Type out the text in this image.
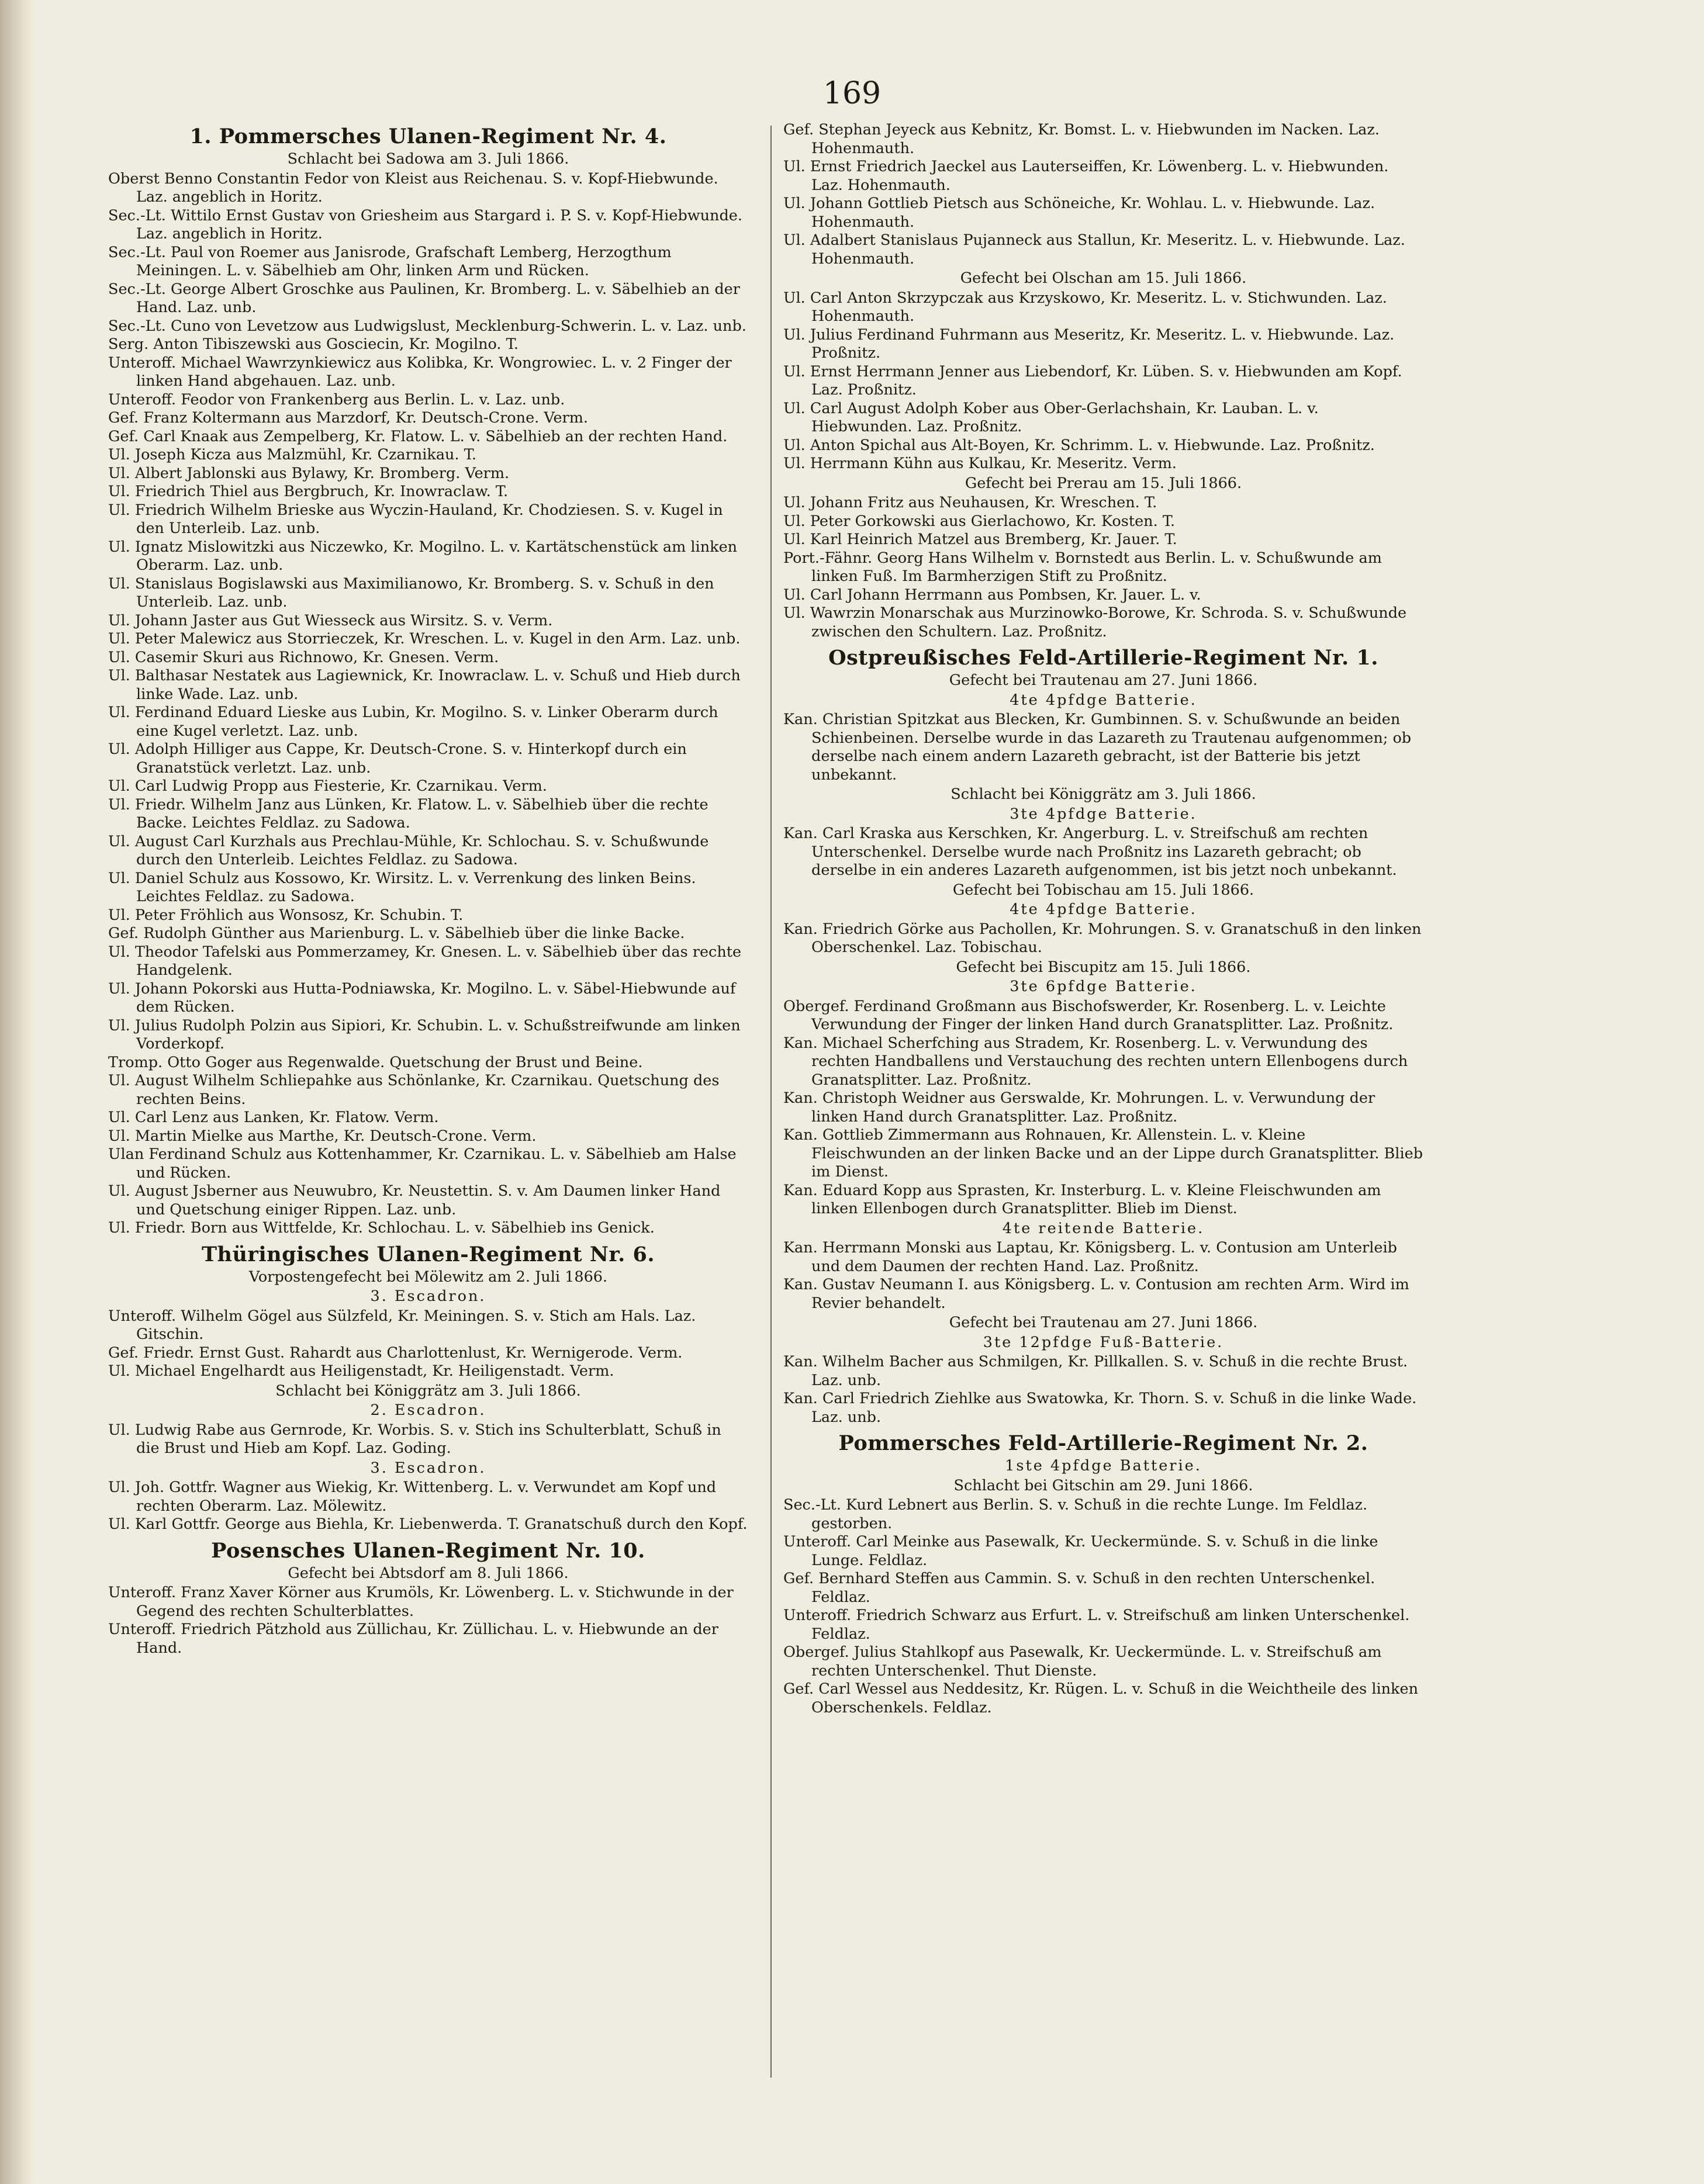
169
1. Pommersches Ulanen-Regiment Nr. 4.
Schlacht bei Sadowa am 3. Juli 1866.
Oberst Benno Constantin Fedor von Kleist aus Reichenau. S. v. Kopf-Hiebwunde. Laz. angeblich in Horitz.
Sec.-Lt. Wittilo Ernst Gustav von Griesheim aus Stargard i. P. S. v. Kopf-Hiebwunde. Laz. angeblich in Horitz.
Sec.-Lt. Paul von Roemer aus Janisrode, Grafschaft Lemberg, Herzogthum Meiningen. L. v. Säbelhieb am Ohr, linken Arm und Rücken.
Sec.-Lt. George Albert Groschke aus Paulinen, Kr. Bromberg. L. v. Säbelhieb an der Hand. Laz. unb.
Sec.-Lt. Cuno von Levetzow aus Ludwigslust, Mecklenburg-Schwerin. L. v. Laz. unb.
Serg. Anton Tibiszewski aus Gosciecin, Kr. Mogilno. T.
Unteroff. Michael Wawrzynkiewicz aus Kolibka, Kr. Wongrowiec. L. v. 2 Finger der linken Hand abgehauen. Laz. unb.
Unteroff. Feodor von Frankenberg aus Berlin. L. v. Laz. unb.
Gef. Franz Koltermann aus Marzdorf, Kr. Deutsch-Crone. Verm.
Gef. Carl Knaak aus Zempelberg, Kr. Flatow. L. v. Säbelhieb an der rechten Hand.
Ul. Joseph Kicza aus Malzmühl, Kr. Czarnikau. T.
Ul. Albert Jablonski aus Bylawy, Kr. Bromberg. Verm.
Ul. Friedrich Thiel aus Bergbruch, Kr. Inowraclaw. T.
Ul. Friedrich Wilhelm Brieske aus Wyczin-Hauland, Kr. Chodziesen. S. v. Kugel in den Unterleib. Laz. unb.
Ul. Ignatz Mislowitzki aus Niczewko, Kr. Mogilno. L. v. Kartätschenstück am linken Oberarm. Laz. unb.
Ul. Stanislaus Bogislawski aus Maximilianowo, Kr. Bromberg. S. v. Schuß in den Unterleib. Laz. unb.
Ul. Johann Jaster aus Gut Wiesseck aus Wirsitz. S. v. Verm.
Ul. Peter Malewicz aus Storrieczek, Kr. Wreschen. L. v. Kugel in den Arm. Laz. unb.
Ul. Casemir Skuri aus Richnowo, Kr. Gnesen. Verm.
Ul. Balthasar Nestatek aus Lagiewnick, Kr. Inowraclaw. L. v. Schuß und Hieb durch linke Wade. Laz. unb.
Ul. Ferdinand Eduard Lieske aus Lubin, Kr. Mogilno. S. v. Linker Oberarm durch eine Kugel verletzt. Laz. unb.
Ul. Adolph Hilliger aus Cappe, Kr. Deutsch-Crone. S. v. Hinterkopf durch ein Granatstück verletzt. Laz. unb.
Ul. Carl Ludwig Propp aus Fiesterie, Kr. Czarnikau. Verm.
Ul. Friedr. Wilhelm Janz aus Lünken, Kr. Flatow. L. v. Säbelhieb über die rechte Backe. Leichtes Feldlaz. zu Sadowa.
Ul. August Carl Kurzhals aus Prechlau-Mühle, Kr. Schlochau. S. v. Schußwunde durch den Unterleib. Leichtes Feldlaz. zu Sadowa.
Ul. Daniel Schulz aus Kossowo, Kr. Wirsitz. L. v. Verrenkung des linken Beins. Leichtes Feldlaz. zu Sadowa.
Ul. Peter Fröhlich aus Wonsosz, Kr. Schubin. T.
Gef. Rudolph Günther aus Marienburg. L. v. Säbelhieb über die linke Backe.
Ul. Theodor Tafelski aus Pommerzamey, Kr. Gnesen. L. v. Säbelhieb über das rechte Handgelenk.
Ul. Johann Pokorski aus Hutta-Podniawska, Kr. Mogilno. L. v. Säbel-Hiebwunde auf dem Rücken.
Ul. Julius Rudolph Polzin aus Sipiori, Kr. Schubin. L. v. Schußstreifwunde am linken Vorderkopf.
Tromp. Otto Goger aus Regenwalde. Quetschung der Brust und Beine.
Ul. August Wilhelm Schliepahke aus Schönlanke, Kr. Czarnikau. Quetschung des rechten Beins.
Ul. Carl Lenz aus Lanken, Kr. Flatow. Verm.
Ul. Martin Mielke aus Marthe, Kr. Deutsch-Crone. Verm.
Ulan Ferdinand Schulz aus Kottenhammer, Kr. Czarnikau. L. v. Säbelhieb am Halse und Rücken.
Ul. August Jsberner aus Neuwubro, Kr. Neustettin. S. v. Am Daumen linker Hand und Quetschung einiger Rippen. Laz. unb.
Ul. Friedr. Born aus Wittfelde, Kr. Schlochau. L. v. Säbelhieb ins Genick.
Thüringisches Ulanen-Regiment Nr. 6.
Vorpostengefecht bei Mölewitz am 2. Juli 1866.
3. Escadron.
Unteroff. Wilhelm Gögel aus Sülzfeld, Kr. Meiningen. S. v. Stich am Hals. Laz. Gitschin.
Gef. Friedr. Ernst Gust. Rahardt aus Charlottenlust, Kr. Wernigerode. Verm.
Ul. Michael Engelhardt aus Heiligenstadt, Kr. Heiligenstadt. Verm.
Schlacht bei Königgrätz am 3. Juli 1866.
2. Escadron.
Ul. Ludwig Rabe aus Gernrode, Kr. Worbis. S. v. Stich ins Schulterblatt, Schuß in die Brust und Hieb am Kopf. Laz. Goding.
3. Escadron.
Ul. Joh. Gottfr. Wagner aus Wiekig, Kr. Wittenberg. L. v. Verwundet am Kopf und rechten Oberarm. Laz. Mölewitz.
Ul. Karl Gottfr. George aus Biehla, Kr. Liebenwerda. T. Granatschuß durch den Kopf.
Posensches Ulanen-Regiment Nr. 10.
Gefecht bei Abtsdorf am 8. Juli 1866.
Unteroff. Franz Xaver Körner aus Krumöls, Kr. Löwenberg. L. v. Stichwunde in der Gegend des rechten Schulterblattes.
Unteroff. Friedrich Pätzhold aus Züllichau, Kr. Züllichau. L. v. Hiebwunde an der Hand.
Gef. Stephan Jeyeck aus Kebnitz, Kr. Bomst. L. v. Hiebwunden im Nacken. Laz. Hohenmauth.
Ul. Ernst Friedrich Jaeckel aus Lauterseiffen, Kr. Löwenberg. L. v. Hiebwunden. Laz. Hohenmauth.
Ul. Johann Gottlieb Pietsch aus Schöneiche, Kr. Wohlau. L. v. Hiebwunde. Laz. Hohenmauth.
Ul. Adalbert Stanislaus Pujanneck aus Stallun, Kr. Meseritz. L. v. Hiebwunde. Laz. Hohenmauth.
Gefecht bei Olschan am 15. Juli 1866.
Ul. Carl Anton Skrzypczak aus Krzyskowo, Kr. Meseritz. L. v. Stichwunden. Laz. Hohenmauth.
Ul. Julius Ferdinand Fuhrmann aus Meseritz, Kr. Meseritz. L. v. Hiebwunde. Laz. Proßnitz.
Ul. Ernst Herrmann Jenner aus Liebendorf, Kr. Lüben. S. v. Hiebwunden am Kopf. Laz. Proßnitz.
Ul. Carl August Adolph Kober aus Ober-Gerlachshain, Kr. Lauban. L. v. Hiebwunden. Laz. Proßnitz.
Ul. Anton Spichal aus Alt-Boyen, Kr. Schrimm. L. v. Hiebwunde. Laz. Proßnitz.
Ul. Herrmann Kühn aus Kulkau, Kr. Meseritz. Verm.
Gefecht bei Prerau am 15. Juli 1866.
Ul. Johann Fritz aus Neuhausen, Kr. Wreschen. T.
Ul. Peter Gorkowski aus Gierlachowo, Kr. Kosten. T.
Ul. Karl Heinrich Matzel aus Bremberg, Kr. Jauer. T.
Port.-Fähnr. Georg Hans Wilhelm v. Bornstedt aus Berlin. L. v. Schußwunde am linken Fuß. Im Barmherzigen Stift zu Proßnitz.
Ul. Carl Johann Herrmann aus Pombsen, Kr. Jauer. L. v.
Ul. Wawrzin Monarschak aus Murzinowko-Borowe, Kr. Schroda. S. v. Schußwunde zwischen den Schultern. Laz. Proßnitz.
Ostpreußisches Feld-Artillerie-Regiment Nr. 1.
Gefecht bei Trautenau am 27. Juni 1866.
4te 4pfdge Batterie.
Kan. Christian Spitzkat aus Blecken, Kr. Gumbinnen. S. v. Schußwunde an beiden Schienbeinen. Derselbe wurde in das Lazareth zu Trautenau aufgenommen; ob derselbe nach einem andern Lazareth gebracht, ist der Batterie bis jetzt unbekannt.
Schlacht bei Königgrätz am 3. Juli 1866.
3te 4pfdge Batterie.
Kan. Carl Kraska aus Kerschken, Kr. Angerburg. L. v. Streifschuß am rechten Unterschenkel. Derselbe wurde nach Proßnitz ins Lazareth gebracht; ob derselbe in ein anderes Lazareth aufgenommen, ist bis jetzt noch unbekannt.
Gefecht bei Tobischau am 15. Juli 1866.
4te 4pfdge Batterie.
Kan. Friedrich Görke aus Pachollen, Kr. Mohrungen. S. v. Granatschuß in den linken Oberschenkel. Laz. Tobischau.
Gefecht bei Biscupitz am 15. Juli 1866.
3te 6pfdge Batterie.
Obergef. Ferdinand Großmann aus Bischofswerder, Kr. Rosenberg. L. v. Leichte Verwundung der Finger der linken Hand durch Granatsplitter. Laz. Proßnitz.
Kan. Michael Scherfching aus Stradem, Kr. Rosenberg. L. v. Verwundung des rechten Handballens und Verstauchung des rechten untern Ellenbogens durch Granatsplitter. Laz. Proßnitz.
Kan. Christoph Weidner aus Gerswalde, Kr. Mohrungen. L. v. Verwundung der linken Hand durch Granatsplitter. Laz. Proßnitz.
Kan. Gottlieb Zimmermann aus Rohnauen, Kr. Allenstein. L. v. Kleine Fleischwunden an der linken Backe und an der Lippe durch Granatsplitter. Blieb im Dienst.
Kan. Eduard Kopp aus Sprasten, Kr. Insterburg. L. v. Kleine Fleischwunden am linken Ellenbogen durch Granatsplitter. Blieb im Dienst.
4te reitende Batterie.
Kan. Herrmann Monski aus Laptau, Kr. Königsberg. L. v. Contusion am Unterleib und dem Daumen der rechten Hand. Laz. Proßnitz.
Kan. Gustav Neumann I. aus Königsberg. L. v. Contusion am rechten Arm. Wird im Revier behandelt.
Gefecht bei Trautenau am 27. Juni 1866.
3te 12pfdge Fuß-Batterie.
Kan. Wilhelm Bacher aus Schmilgen, Kr. Pillkallen. S. v. Schuß in die rechte Brust. Laz. unb.
Kan. Carl Friedrich Ziehlke aus Swatowka, Kr. Thorn. S. v. Schuß in die linke Wade. Laz. unb.
Pommersches Feld-Artillerie-Regiment Nr. 2.
1ste 4pfdge Batterie.
Schlacht bei Gitschin am 29. Juni 1866.
Sec.-Lt. Kurd Lebnert aus Berlin. S. v. Schuß in die rechte Lunge. Im Feldlaz. gestorben.
Unteroff. Carl Meinke aus Pasewalk, Kr. Ueckermünde. S. v. Schuß in die linke Lunge. Feldlaz.
Gef. Bernhard Steffen aus Cammin. S. v. Schuß in den rechten Unterschenkel. Feldlaz.
Unteroff. Friedrich Schwarz aus Erfurt. L. v. Streifschuß am linken Unterschenkel. Feldlaz.
Obergef. Julius Stahlkopf aus Pasewalk, Kr. Ueckermünde. L. v. Streifschuß am rechten Unterschenkel. Thut Dienste.
Gef. Carl Wessel aus Neddesitz, Kr. Rügen. L. v. Schuß in die Weichtheile des linken Oberschenkels. Feldlaz.
